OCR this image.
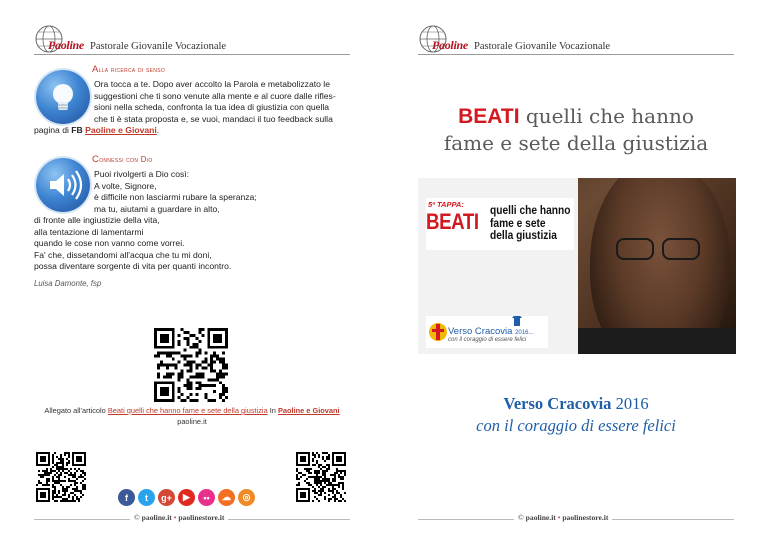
Paoline Pastorale Giovanile Vocazionale
Alla ricerca di senso
Ora tocca a te. Dopo aver accolto la Parola e metabolizzato le
suggestioni che ti sono venute alla mente e al cuore dalle rifles-
sioni nella scheda, confronta la tua idea di giustizia con quella
che ti è stata proposta e, se vuoi, mandaci il tuo feedback sulla
pagina di FB Paoline e Giovani.
Connessi con Dio
Puoi rivolgerti a Dio così:
A volte, Signore,
è difficile non lasciarmi rubare la speranza;
ma tu, aiutami a guardare in alto,
di fronte alle ingiustizie della vita,
alla tentazione di lamentarmi
quando le cose non vanno come vorrei.
Fa' che, dissetandomi all'acqua che tu mi doni,
possa diventare sorgente di vita per quanti incontro.
Luisa Damonte, fsp
Allegato all'articolo Beati quelli che hanno fame e sete della giustizia In Paoline e Giovani
paoline.it
f	t	g+	▶	••	☁	◎
© paoline.it • paolinestore.it
Paoline Pastorale Giovanile Vocazionale
BEATI quelli che hanno
fame e sete della giustizia
5ª TAPPA:
BEATI quelli che hanno
fame e sete
della giustizia
Verso Cracovia 2016...
con il coraggio di essere felici
Verso Cracovia 2016
con il coraggio di essere felici
© paoline.it • paolinestore.it
